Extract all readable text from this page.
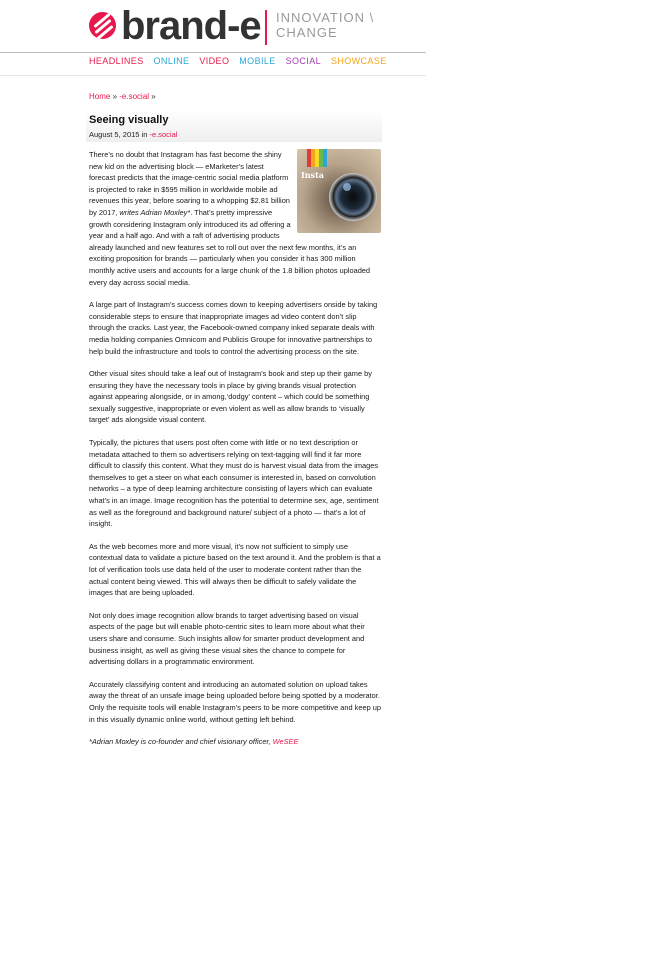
brand-e INNOVATION \ CHANGE
HEADLINES ONLINE VIDEO MOBILE SOCIAL SHOWCASE
Home » -e.social »
Seeing visually
August 5, 2015 in -e.social
Insta

There’s no doubt that Instagram has fast become the shiny new kid on the advertising block — eMarketer’s latest forecast predicts that the image-centric social media platform is projected to rake in $595 million in worldwide mobile ad revenues this year, before soaring to a whopping $2.81 billion by 2017, writes Adrian Moxley*. That’s pretty impressive growth considering Instagram only introduced its ad offering a year and a half ago. And with a raft of advertising products already launched and new features set to roll out over the next few months, it’s an exciting proposition for brands — particularly when you consider it has 300 million monthly active users and accounts for a large chunk of the 1.8 billion photos uploaded every day across social media.

A large part of Instagram’s success comes down to keeping advertisers onside by taking considerable steps to ensure that inappropriate images ad video content don’t slip through the cracks. Last year, the Facebook-owned company inked separate deals with media holding companies Omnicom and Publicis Groupe for innovative partnerships to help build the infrastructure and tools to control the advertising process on the site.

Other visual sites should take a leaf out of Instagram’s book and step up their game by ensuring they have the necessary tools in place by giving brands visual protection against appearing alongside, or in among,‘dodgy’ content – which could be something sexually suggestive, inappropriate or even violent as well as allow brands to ‘visually target’ ads alongside visual content.

Typically, the pictures that users post often come with little or no text description or metadata attached to them so advertisers relying on text-tagging will find it far more difficult to classify this content. What they must do is harvest visual data from the images themselves to get a steer on what each consumer is interested in, based on convolution networks – a type of deep learning architecture consisting of layers which can evaluate what’s in an image. Image recognition has the potential to determine sex, age, sentiment as well as the foreground and background nature/ subject of a photo — that’s a lot of insight.

As the web becomes more and more visual, it’s now not sufficient to simply use contextual data to validate a picture based on the text around it. And the problem is that a lot of verification tools use data held of the user to moderate content rather than the actual content being viewed. This will always then be difficult to safely validate the images that are being uploaded.

Not only does image recognition allow brands to target advertising based on visual aspects of the page but will enable photo-centric sites to learn more about what their users share and consume. Such insights allow for smarter product development and business insight, as well as giving these visual sites the chance to compete for advertising dollars in a programmatic environment.

Accurately classifying content and introducing an automated solution on upload takes away the threat of an unsafe image being uploaded before being spotted by a moderator. Only the requisite tools will enable Instagram’s peers to be more competitive and keep up in this visually dynamic online world, without getting left behind.

*Adrian Moxley is co-founder and chief visionary officer, WeSEE
